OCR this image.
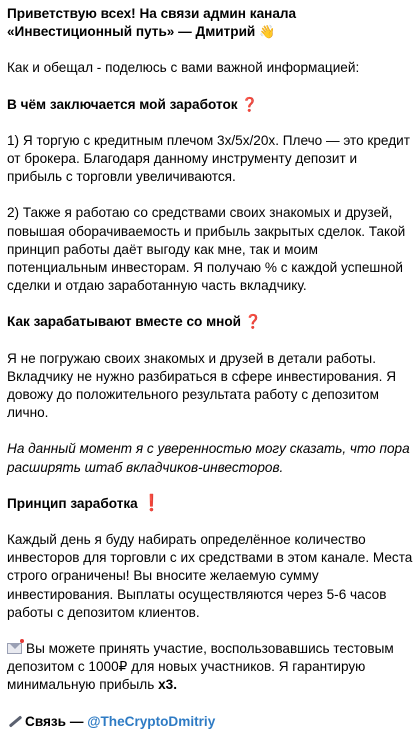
Приветствую всех! На связи админ канала «Инвестиционный путь» — Дмитрий 👋

Как и обещал - поделюсь с вами важной информацией:

В чём заключается мой заработок ❓

1) Я торгую с кредитным плечом 3х/5х/20х. Плечо — это кредит от брокера. Благодаря данному инструменту депозит и прибыль с торговли увеличиваются.

2) Также я работаю со средствами своих знакомых и друзей, повышая оборачиваемость и прибыль закрытых сделок. Такой принцип работы даёт выгоду как мне, так и моим потенциальным инвесторам. Я получаю % с каждой успешной сделки и отдаю заработанную часть вкладчику.

Как зарабатывают вместе со мной ❓

Я не погружаю своих знакомых и друзей в детали работы. Вкладчику не нужно разбираться в сфере инвестирования. Я довожу до положительного результата работу с депозитом лично.

На данный момент я с уверенностью могу сказать, что пора расширять штаб вкладчиков-инвесторов.

Принцип заработка ❗

Каждый день я буду набирать определённое количество инвесторов для торговли с их средствами в этом канале. Места строго ограничены! Вы вносите желаемую сумму инвестирования. Выплаты осуществляются через 5-6 часов работы с депозитом клиентов.

Вы можете принять участие, воспользовавшись тестовым депозитом с 1000₽ для новых участников. Я гарантирую минимальную прибыль х3.

Связь — @TheCryptoDmitriy
